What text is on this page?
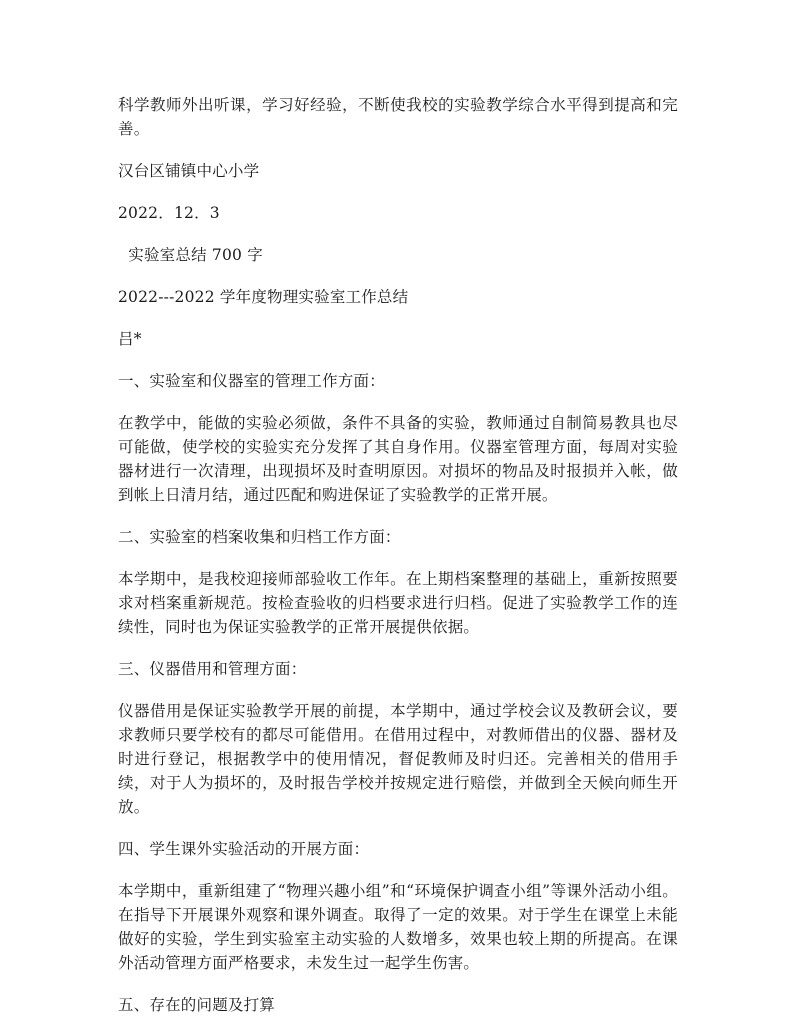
科学教师外出听课，学习好经验，不断使我校的实验教学综合水平得到提高和完善。

汉台区铺镇中心小学

2022．12．3

实验室总结 700 字

2022---2022 学年度物理实验室工作总结

吕*

一、实验室和仪器室的管理工作方面：

在教学中，能做的实验必须做，条件不具备的实验，教师通过自制简易教具也尽可能做，使学校的实验实充分发挥了其自身作用。仪器室管理方面，每周对实验器材进行一次清理，出现损坏及时查明原因。对损坏的物品及时报损并入帐，做到帐上日清月结，通过匹配和购进保证了实验教学的正常开展。

二、实验室的档案收集和归档工作方面：

本学期中，是我校迎接师部验收工作年。在上期档案整理的基础上，重新按照要求对档案重新规范。按检查验收的归档要求进行归档。促进了实验教学工作的连续性，同时也为保证实验教学的正常开展提供依据。

三、仪器借用和管理方面：

仪器借用是保证实验教学开展的前提，本学期中，通过学校会议及教研会议，要求教师只要学校有的都尽可能借用。在借用过程中，对教师借出的仪器、器材及时进行登记，根据教学中的使用情况，督促教师及时归还。完善相关的借用手续，对于人为损坏的，及时报告学校并按规定进行赔偿，并做到全天候向师生开放。

四、学生课外实验活动的开展方面：

本学期中，重新组建了“物理兴趣小组”和“环境保护调查小组”等课外活动小组。在指导下开展课外观察和课外调查。取得了一定的效果。对于学生在课堂上未能做好的实验，学生到实验室主动实验的人数增多，效果也较上期的所提高。在课外活动管理方面严格要求，未发生过一起学生伤害。

五、存在的问题及打算
